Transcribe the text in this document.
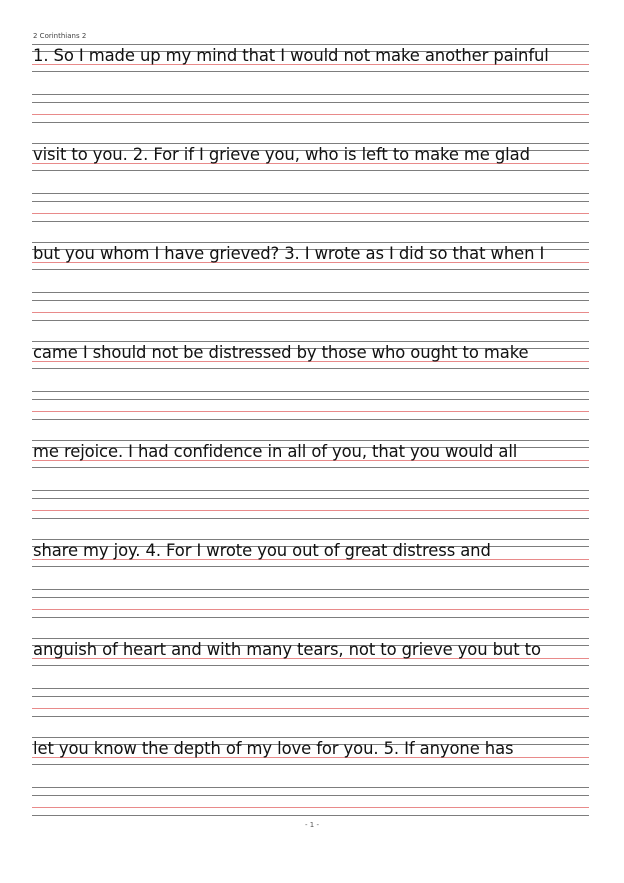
2 Corinthians 2
1. So I made up my mind that I would not make another painful
visit to you. 2. For if I grieve you, who is left to make me glad
but you whom I have grieved? 3. I wrote as I did so that when I
came I should not be distressed by those who ought to make
me rejoice. I had confidence in all of you, that you would all
share my joy. 4. For I wrote you out of great distress and
anguish of heart and with many tears, not to grieve you but to
let you know the depth of my love for you. 5. If anyone has
- 1 -
